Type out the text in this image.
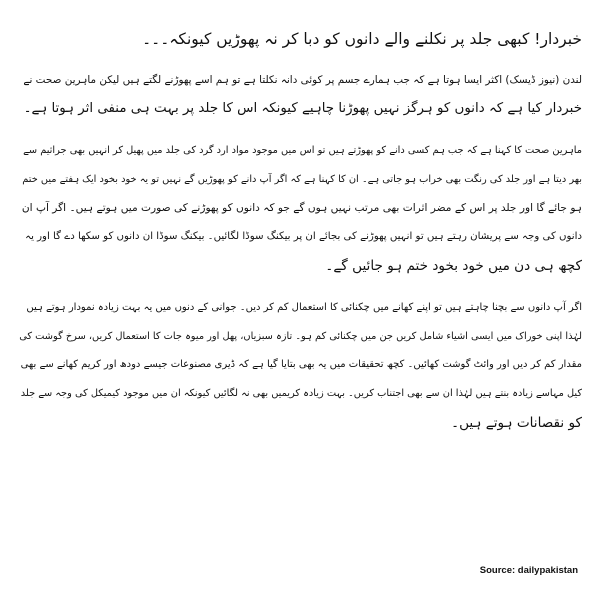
خبردار! کبھی جلد پر نکلنے والے دانوں کو دبا کر نہ پھوڑیں کیونکہ۔۔۔
لندن (نیوز ڈیسک) اکثر ایسا ہوتا ہے کہ جب ہمارے جسم پر کوئی دانہ نکلتا ہے تو ہم اسے پھوڑنے لگتے ہیں لیکن ماہرین صحت نے
خبردار کیا ہے کہ دانوں کو ہرگز نہیں پھوڑنا چاہیے کیونکہ اس کا جلد پر بہت ہی منفی اثر ہوتا ہے۔
ماہرین صحت کا کہنا ہے کہ جب ہم کسی دانے کو پھوڑتے ہیں تو اس میں موجود مواد ارد گرد کی جلد میں پھیل کر انہیں بھی جراثیم سے
بھر دیتا ہے اور جلد کی رنگت بھی خراب ہو جاتی ہے۔ ان کا کہنا ہے کہ اگر آپ دانے کو پھوڑیں گے نہیں تو یہ خود بخود ایک ہفتے میں ختم
ہو جائے گا اور جلد پر اس کے مضر اثرات بھی مرتب نہیں ہوں گے جو کہ دانوں کو پھوڑنے کی صورت میں ہوتے ہیں۔ اگر آپ ان
دانوں کی وجہ سے پریشان رہتے ہیں تو انہیں پھوڑنے کی بجائے ان پر بیکنگ سوڈا لگائیں۔ بیکنگ سوڈا ان دانوں کو سکھا دے گا اور یہ
کچھ ہی دن میں خود بخود ختم ہو جائیں گے۔
اگر آپ دانوں سے بچنا چاہتے ہیں تو اپنے کھانے میں چکنائی کا استعمال کم کر دیں۔ جوانی کے دنوں میں یہ بہت زیادہ نمودار ہوتے ہیں
لہٰذا اپنی خوراک میں ایسی اشیاء شامل کریں جن میں چکنائی کم ہو۔ تازہ سبزیاں، پھل اور میوہ جات کا استعمال کریں، سرخ گوشت کی
مقدار کم کر دیں اور وائٹ گوشت کھائیں۔ کچھ تحقیقات میں یہ بھی بتایا گیا ہے کہ ڈیری مصنوعات جیسے دودھ اور کریم کھانے سے بھی
کیل مہاسے زیادہ بنتے ہیں لہٰذا ان سے بھی اجتناب کریں۔ بہت زیادہ کریمیں بھی نہ لگائیں کیونکہ ان میں موجود کیمیکل کی وجہ سے جلد
کو نقصانات ہوتے ہیں۔
Source: dailypakistan
